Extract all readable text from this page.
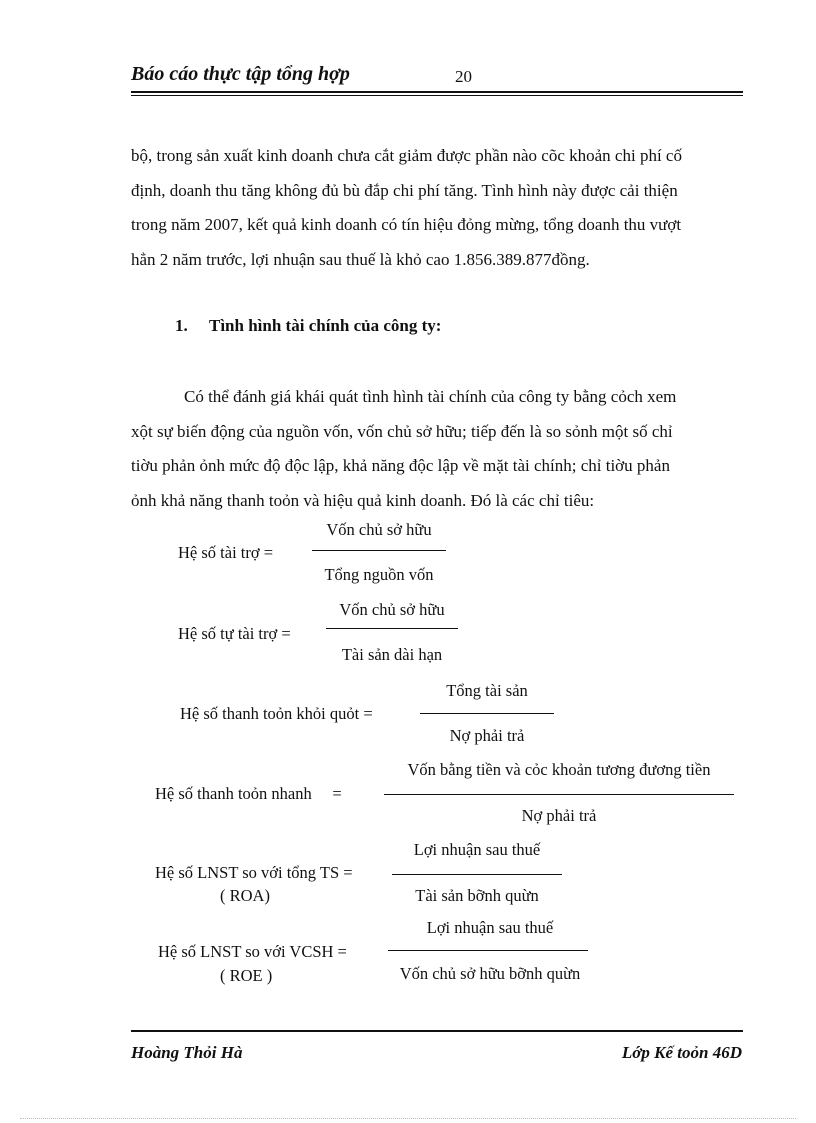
Báo cáo thực tập tổng hợp	20
bộ, trong sản xuất kinh doanh chưa cắt giảm được phần nào cõc khoản chi phí cố
định, doanh thu tăng không đủ bù đắp chi phí tăng. Tình hình này được cải thiện
trong năm 2007, kết quả kinh doanh có tín hiệu đỏng mừng, tổng doanh thu vượt
hẳn 2 năm trước, lợi nhuận sau thuế là khỏ cao 1.856.389.877đồng.
1. Tình hình tài chính của công ty:
Có thể đánh giá khái quát tình hình tài chính của công ty bằng cỏch xem
xột sự biến động của nguồn vốn, vốn chủ sở hữu; tiếp đến là so sỏnh một số chỉ
tiờu phản ỏnh mức độ độc lập, khả năng độc lập về mặt tài chính; chỉ tiờu phản
ỏnh khả năng thanh toỏn và hiệu quả kinh doanh. Đó là các chỉ tiêu:
Hệ số tài trợ =
Vốn chủ sở hữu
Tổng nguồn vốn
Hệ số tự tài trợ =
Vốn chủ sở hữu
Tài sản dài hạn
Hệ số thanh toỏn khỏi quỏt =
Tổng tài sản
Nợ phải trả
Hệ số thanh toỏn nhanh     =
Vốn bằng tiền và cỏc khoản tương đương tiền
Nợ phải trả
Hệ số LNST so với tổng TS =
( ROA)
Lợi nhuận sau thuế
Tài sản bỡnh quừn
Hệ số LNST so với VCSH =
( ROE )
Lợi nhuận sau thuế
Vốn chủ sở hữu bỡnh quừn
Hoàng Thỏi Hà	Lớp Kế toỏn 46D
